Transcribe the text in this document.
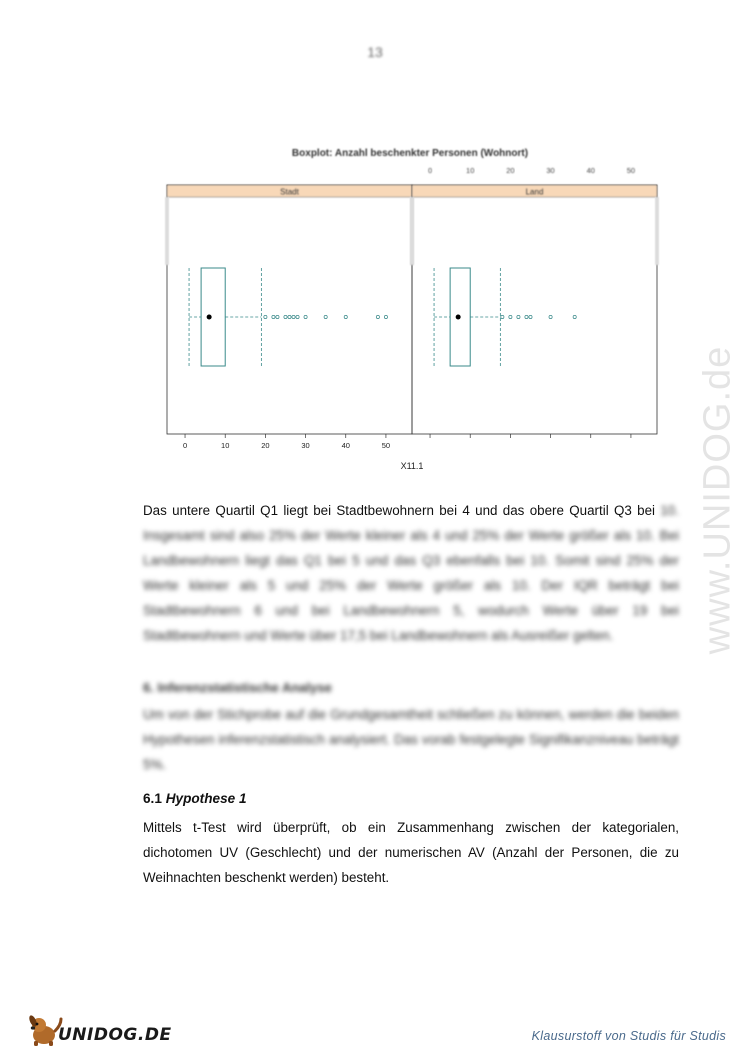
13
www.UNIDOG.de
Boxplot: Anzahl beschenkter Personen (Wohnort)
Stadt
0	10	20	30	40	50
Land
0	10	20	30	40	50
X11.1
Das untere Quartil Q1 liegt bei Stadtbewohnern bei 4 und das obere Quartil Q3 bei 10. Insgesamt sind also 25% der Werte kleiner als 4 und 25% der Werte größer als 10. Bei Landbewohnern liegt das Q1 bei 5 und das Q3 ebenfalls bei 10. Somit sind 25% der Werte kleiner als 5 und 25% der Werte größer als 10. Der IQR beträgt bei Stadtbewohnern 6 und bei Landbewohnern 5, wodurch Werte über 19 bei Stadtbewohnern und Werte über 17,5 bei Landbewohnern als Ausreißer gelten.
6. Inferenzstatistische Analyse
Um von der Stichprobe auf die Grundgesamtheit schließen zu können, werden die beiden Hypothesen inferenzstatistisch analysiert. Das vorab festgelegte Signifikanzniveau beträgt 5%.
6.1 Hypothese 1
Mittels t-Test wird überprüft, ob ein Zusammenhang zwischen der kategorialen, dichotomen UV (Geschlecht) und der numerischen AV (Anzahl der Personen, die zu Weihnachten beschenkt werden) besteht.
UNIDOG.DE	Klausurstoff von Studis für Studis
